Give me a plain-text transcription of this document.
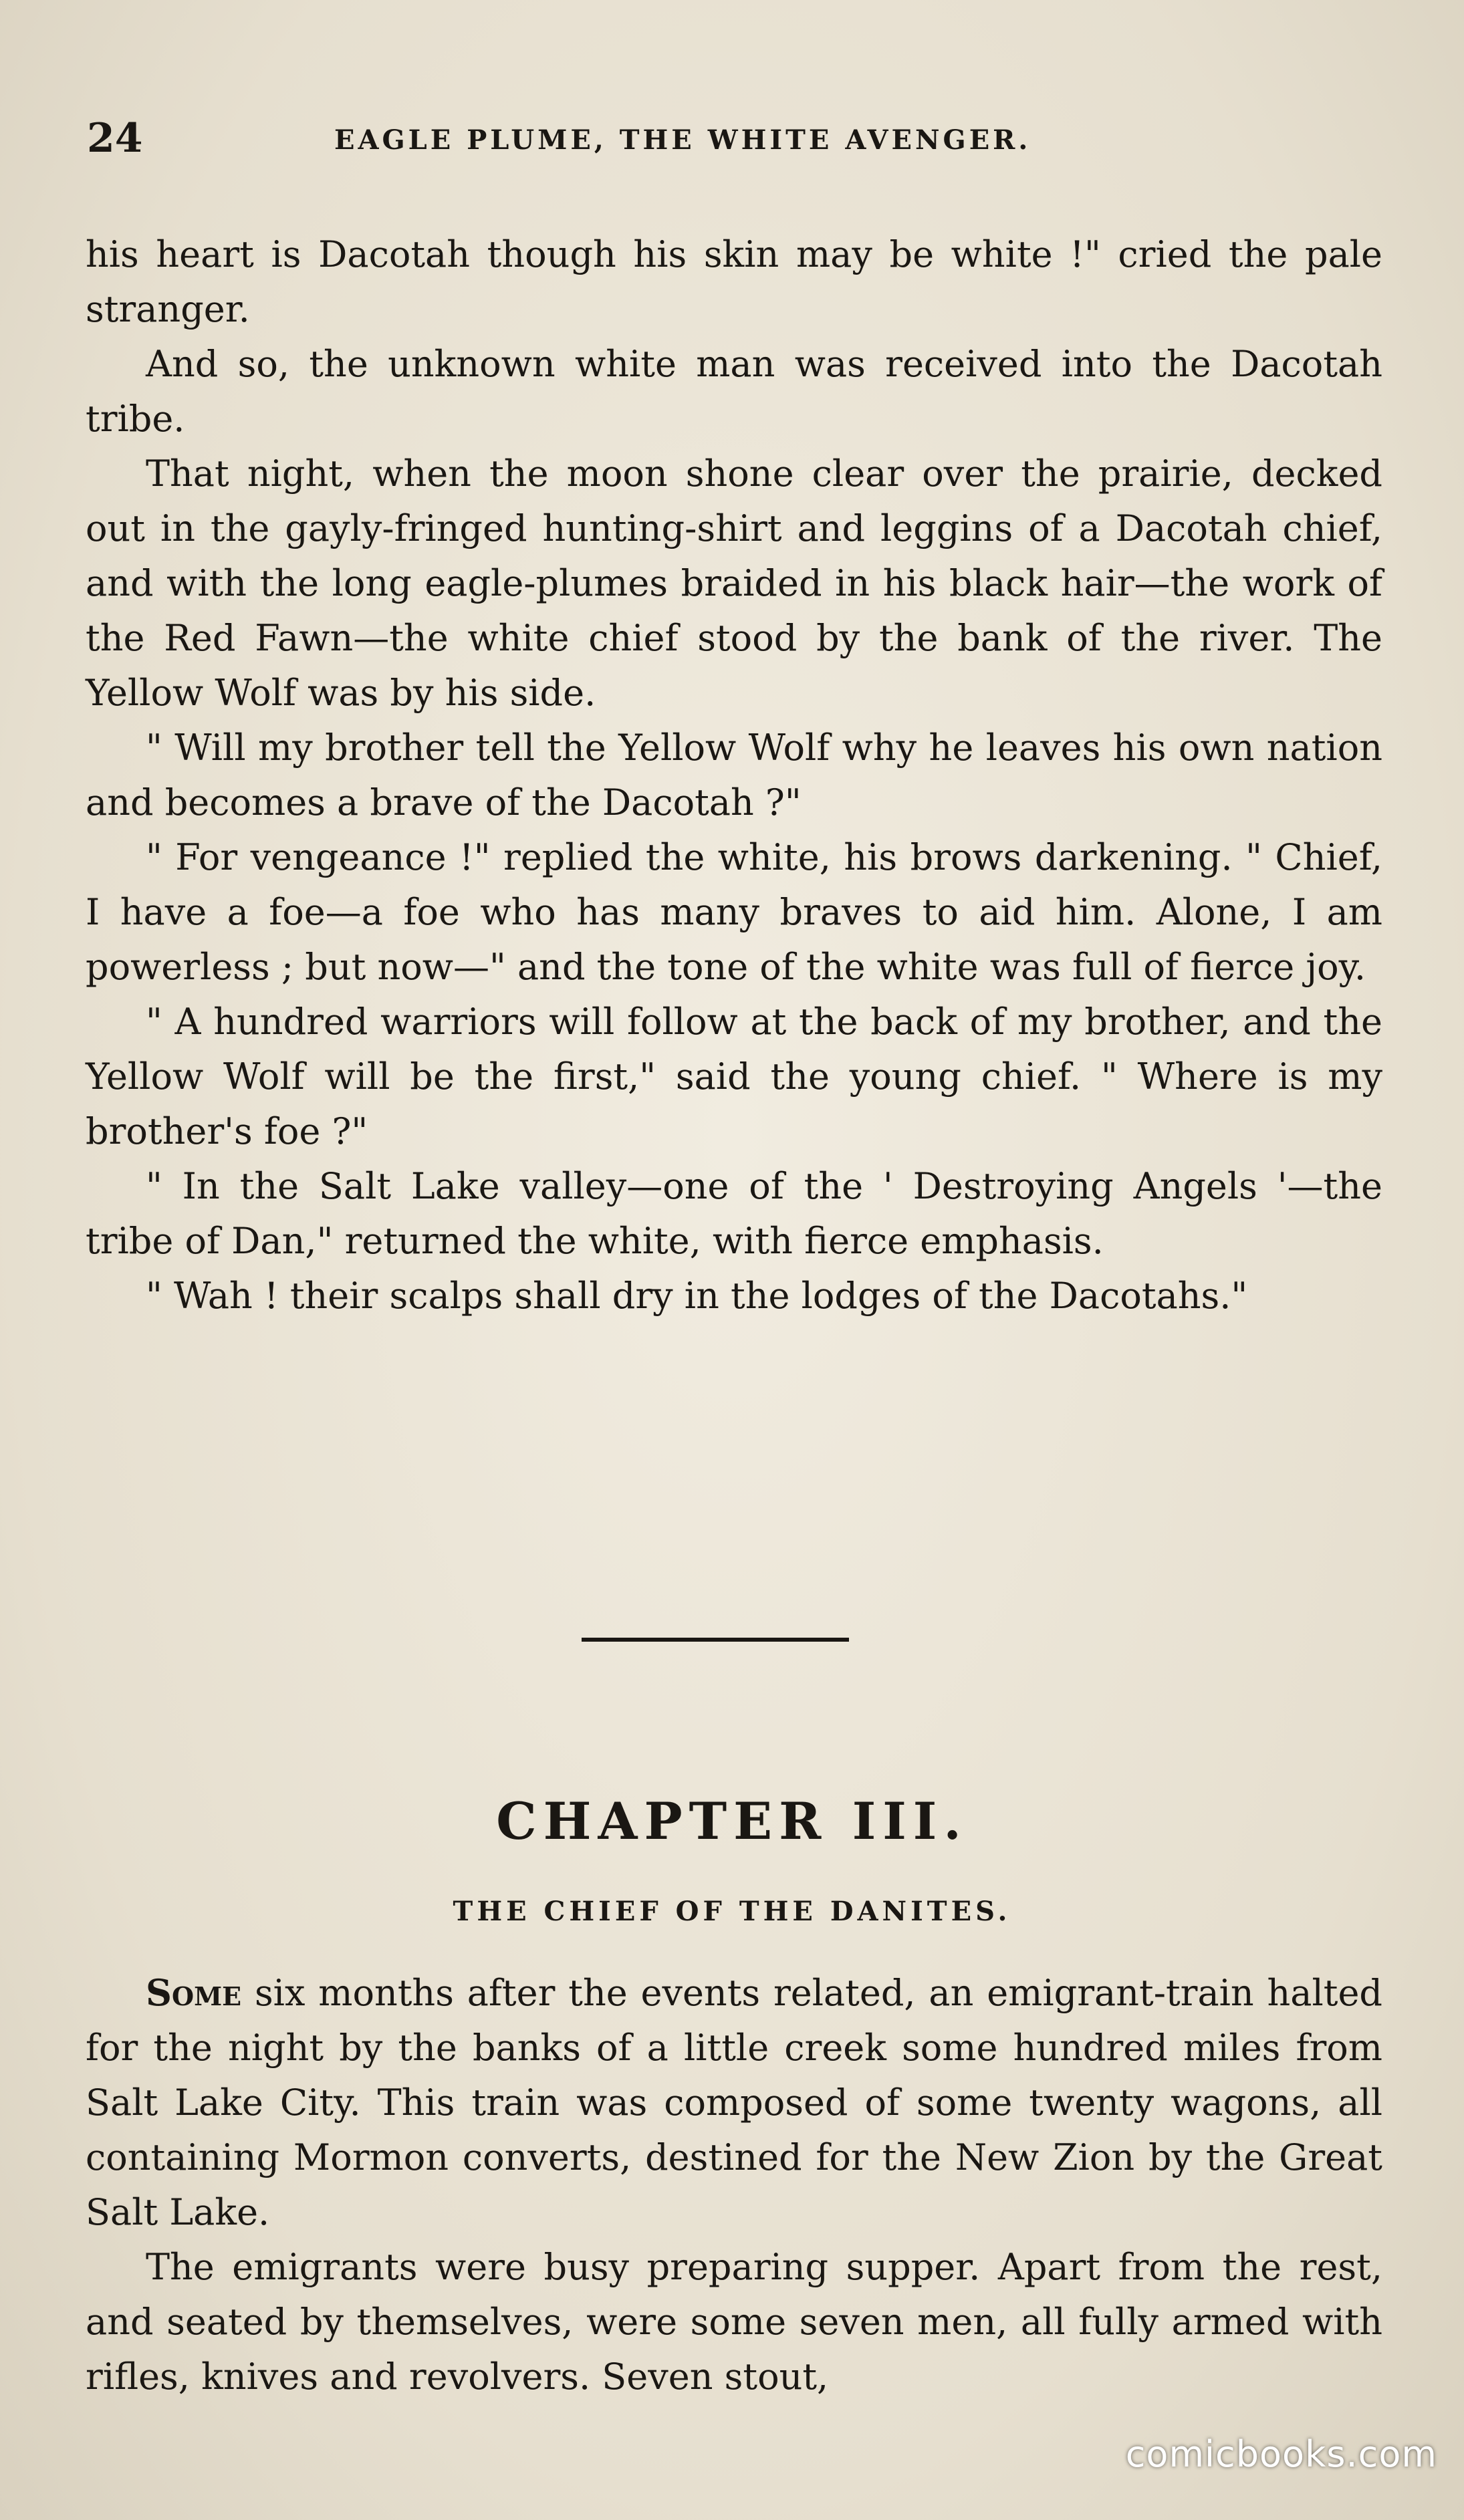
24	EAGLE PLUME, THE WHITE AVENGER.

his heart is Dacotah though his skin may be white !" cried the pale stranger.

And so, the unknown white man was received into the Dacotah tribe.

That night, when the moon shone clear over the prairie, decked out in the gayly-fringed hunting-shirt and leggins of a Dacotah chief, and with the long eagle-plumes braided in his black hair—the work of the Red Fawn—the white chief stood by the bank of the river. The Yellow Wolf was by his side.

" Will my brother tell the Yellow Wolf why he leaves his own nation and becomes a brave of the Dacotah ?"

" For vengeance !" replied the white, his brows darkening. " Chief, I have a foe—a foe who has many braves to aid him. Alone, I am powerless ; but now—" and the tone of the white was full of fierce joy.

" A hundred warriors will follow at the back of my brother, and the Yellow Wolf will be the first," said the young chief. " Where is my brother's foe ?"

" In the Salt Lake valley—one of the ' Destroying Angels '—the tribe of Dan," returned the white, with fierce emphasis.

" Wah ! their scalps shall dry in the lodges of the Dacotahs."

CHAPTER III.
THE CHIEF OF THE DANITES.

Some six months after the events related, an emigrant-train halted for the night by the banks of a little creek some hundred miles from Salt Lake City. This train was composed of some twenty wagons, all containing Mormon converts, destined for the New Zion by the Great Salt Lake.

The emigrants were busy preparing supper. Apart from the rest, and seated by themselves, were some seven men, all fully armed with rifles, knives and revolvers. Seven stout,

comicbooks.com
